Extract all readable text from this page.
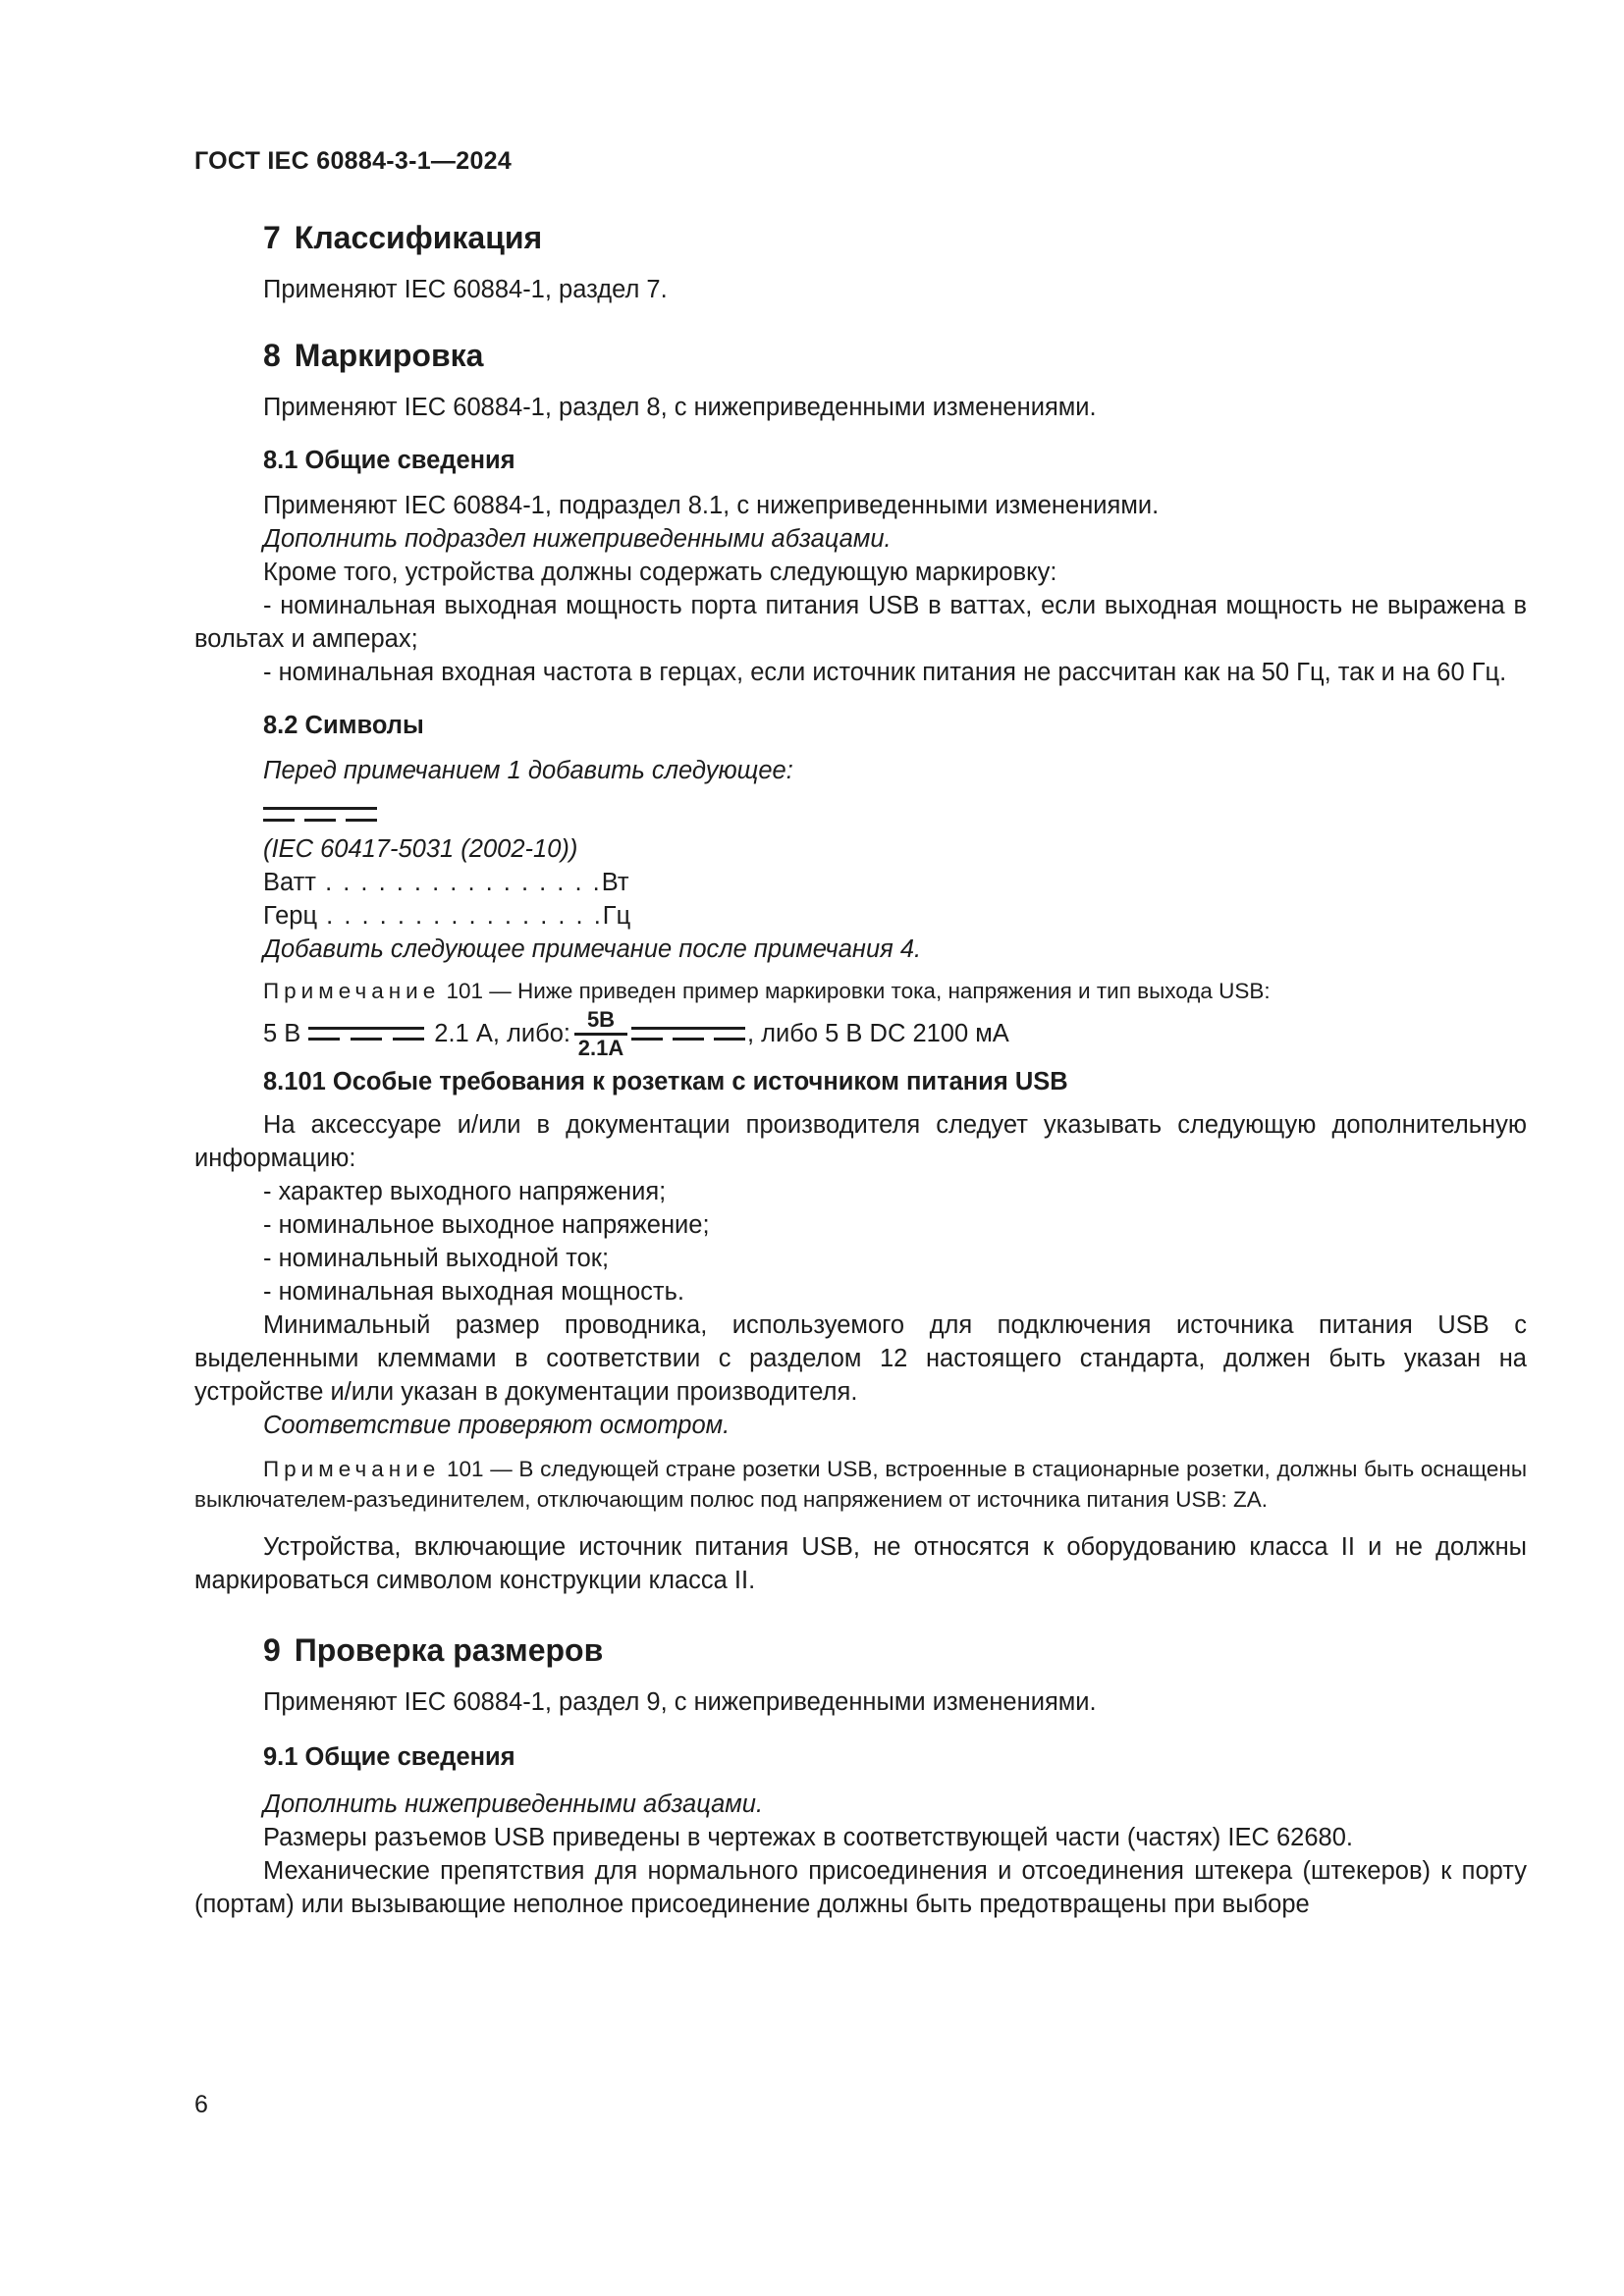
ГОСТ IEC 60884-3-1—2024
7 Классификация
Применяют IEC 60884-1, раздел 7.
8 Маркировка
Применяют IEC 60884-1, раздел 8, с нижеприведенными изменениями.
8.1 Общие сведения
Применяют IEC 60884-1, подраздел 8.1, с нижеприведенными изменениями.
Дополнить подраздел нижеприведенными абзацами.
Кроме того, устройства должны содержать следующую маркировку:
- номинальная выходная мощность порта питания USB в ваттах, если выходная мощность не выражена в вольтах и амперах;
- номинальная входная частота в герцах, если источник питания не рассчитан как на 50 Гц, так и на 60 Гц.
8.2 Символы
Перед примечанием 1 добавить следующее:
(IEC 60417-5031 (2002-10))
Ватт . . . . . . . . . . . . . . . .Вт
Герц . . . . . . . . . . . . . . . .Гц
Добавить следующее примечание после примечания 4.
Примечание 101 — Ниже приведен пример маркировки тока, напряжения и тип выхода USB:
5 В	2.1 А, либо: $\frac{5В}{2.1А}$	, либо 5 В DC 2100 мА
8.101 Особые требования к розеткам с источником питания USB
На аксессуаре и/или в документации производителя следует указывать следующую дополнительную информацию:
- характер выходного напряжения;
- номинальное выходное напряжение;
- номинальный выходной ток;
- номинальная выходная мощность.
Минимальный размер проводника, используемого для подключения источника питания USB с выделенными клеммами в соответствии с разделом 12 настоящего стандарта, должен быть указан на устройстве и/или указан в документации производителя.
Соответствие проверяют осмотром.
Примечание 101 — В следующей стране розетки USB, встроенные в стационарные розетки, должны быть оснащены выключателем-разъединителем, отключающим полюс под напряжением от источника питания USB: ZA.
Устройства, включающие источник питания USB, не относятся к оборудованию класса II и не должны маркироваться символом конструкции класса II.
9 Проверка размеров
Применяют IEC 60884-1, раздел 9, с нижеприведенными изменениями.
9.1 Общие сведения
Дополнить нижеприведенными абзацами.
Размеры разъемов USB приведены в чертежах в соответствующей части (частях) IEC 62680.
Механические препятствия для нормального присоединения и отсоединения штекера (штекеров) к порту (портам) или вызывающие неполное присоединение должны быть предотвращены при выборе
6
